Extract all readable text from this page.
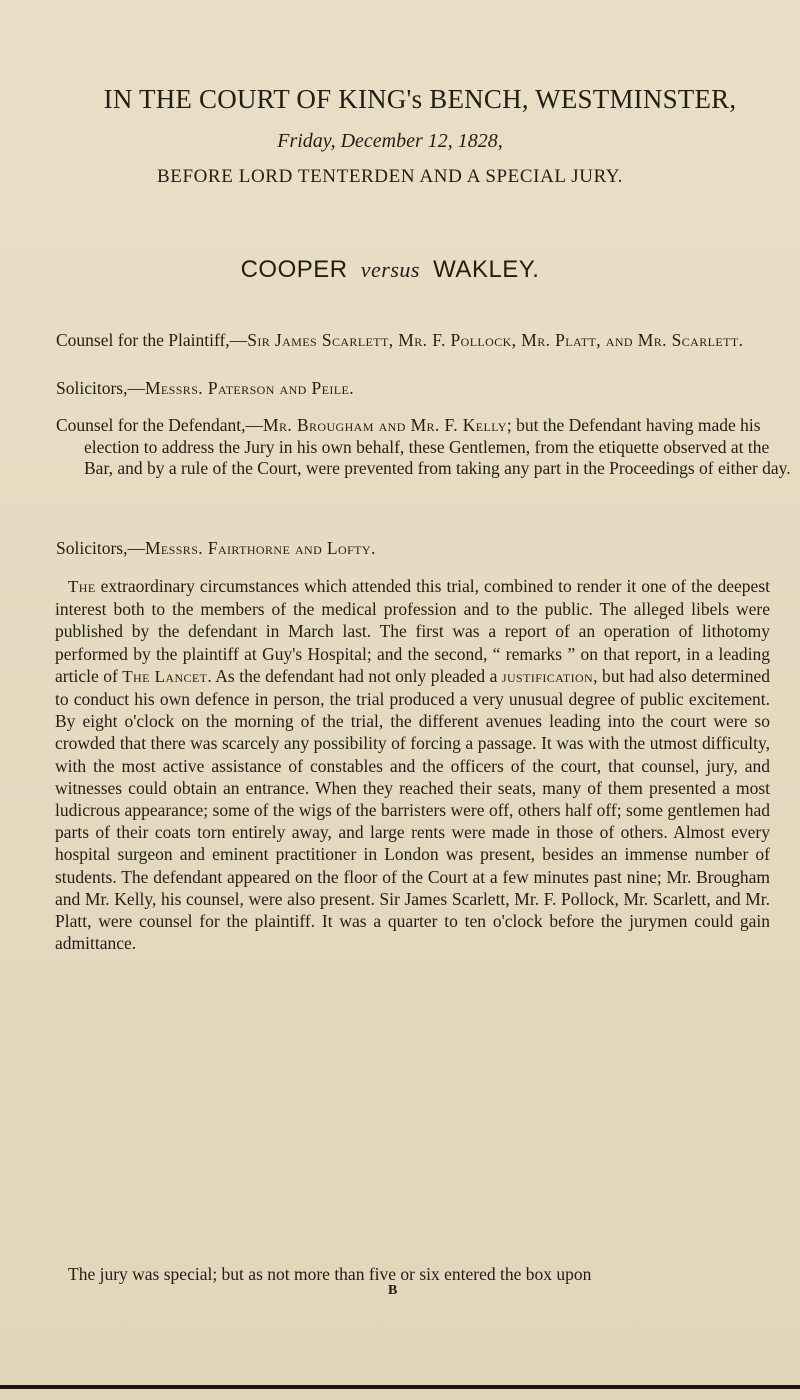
IN THE COURT OF KING's BENCH, WESTMINSTER,
Friday, December 12, 1828,
BEFORE LORD TENTERDEN AND A SPECIAL JURY.
COOPER versus WAKLEY.
Counsel for the Plaintiff,—Sir James Scarlett, Mr. F. Pollock, Mr. Platt, and Mr. Scarlett.
Solicitors,—Messrs. Paterson and Peile.
Counsel for the Defendant,—Mr. Brougham and Mr. F. Kelly; but the Defendant having made his election to address the Jury in his own behalf, these Gentlemen, from the etiquette observed at the Bar, and by a rule of the Court, were prevented from taking any part in the Proceedings of either day.
Solicitors,—Messrs. Fairthorne and Lofty.
The extraordinary circumstances which attended this trial, combined to render it one of the deepest interest both to the members of the medical profession and to the public. The alleged libels were published by the defendant in March last. The first was a report of an operation of lithotomy performed by the plaintiff at Guy's Hospital; and the second, “ remarks ” on that report, in a leading article of The Lancet. As the defendant had not only pleaded a justification, but had also determined to conduct his own defence in person, the trial produced a very unusual degree of public excitement. By eight o'clock on the morning of the trial, the different avenues leading into the court were so crowded that there was scarcely any possibility of forcing a passage. It was with the utmost difficulty, with the most active assistance of constables and the officers of the court, that counsel, jury, and witnesses could obtain an entrance. When they reached their seats, many of them presented a most ludicrous appearance; some of the wigs of the barristers were off, others half off; some gentlemen had parts of their coats torn entirely away, and large rents were made in those of others. Almost every hospital surgeon and eminent practitioner in London was present, besides an immense number of students. The defendant appeared on the floor of the Court at a few minutes past nine; Mr. Brougham and Mr. Kelly, his counsel, were also present. Sir James Scarlett, Mr. F. Pollock, Mr. Scarlett, and Mr. Platt, were counsel for the plaintiff. It was a quarter to ten o'clock before the jurymen could gain admittance.
The jury was special; but as not more than five or six entered the box upon
B
